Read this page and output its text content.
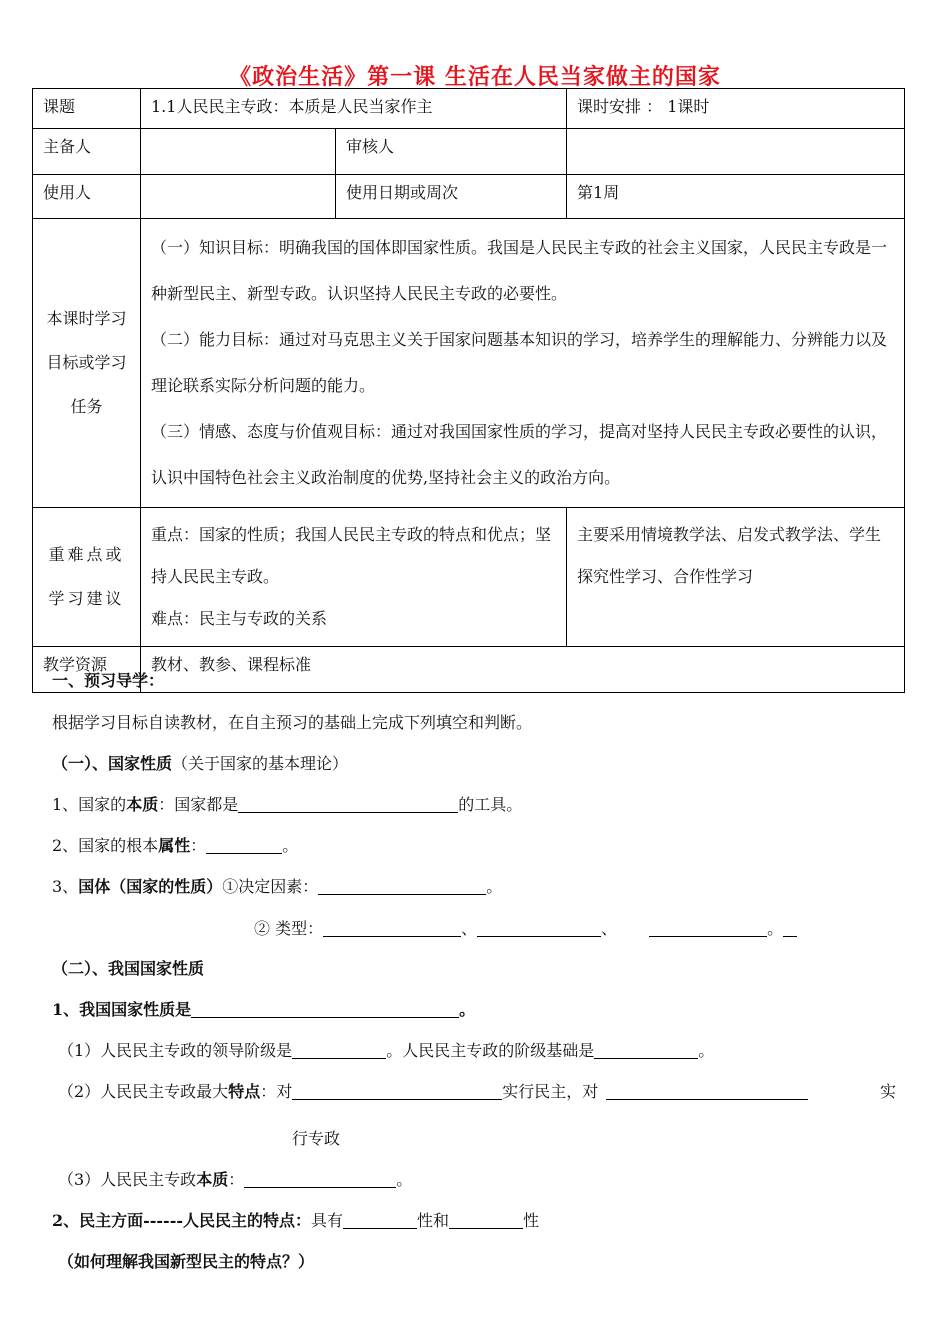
《政治生活》第一课 生活在人民当家做主的国家
课题	1.1人民民主专政：本质是人民当家作主		课时安排 ： 1课时
主备人		审核人	
使用人		使用日期或周次	第1周
本课时学习目标或学习任务	（一）知识目标：明确我国的国体即国家性质。我国是人民民主专政的社会主义国家，人民民主专政是一种新型民主、新型专政。认识坚持人民民主专政的必要性。

（二）能力目标：通过对马克思主义关于国家问题基本知识的学习，培养学生的理解能力、分辨能力以及理论联系实际分析问题的能力。

（三）情感、态度与价值观目标：通过对我国国家性质的学习，提高对坚持人民民主专政必要性的认识，认识中国特色社会主义政治制度的优势,坚持社会主义的政治方向。		

重难点或学习建议	重点：国家的性质；我国人民民主专政的特点和优点；坚持人民民主专政。
难点：民主与专政的关系		主要采用情境教学法、启发式教学法、学生探究性学习、合作性学习
教学资源	教材、教参、课程标准		
一、预习导学：
根据学习目标自读教材，在自主预习的基础上完成下列填空和判断。
（一）、国家性质（关于国家的基本理论）
1、国家的本质：国家都是	的工具。
2、国家的根本属性：	。
3、国体（国家的性质）①决定因素：	。
② 类型：	、	、	。
（二）、我国国家性质
1、我国国家性质是	。
（1）人民民主专政的领导阶级是	。人民民主专政的阶级基础是	。
（2）人民民主专政最大特点：对	实行民主，对	实
行专政
（3）人民民主专政本质：	。
2、民主方面------人民民主的特点：具有	性和	性
（如何理解我国新型民主的特点？）
